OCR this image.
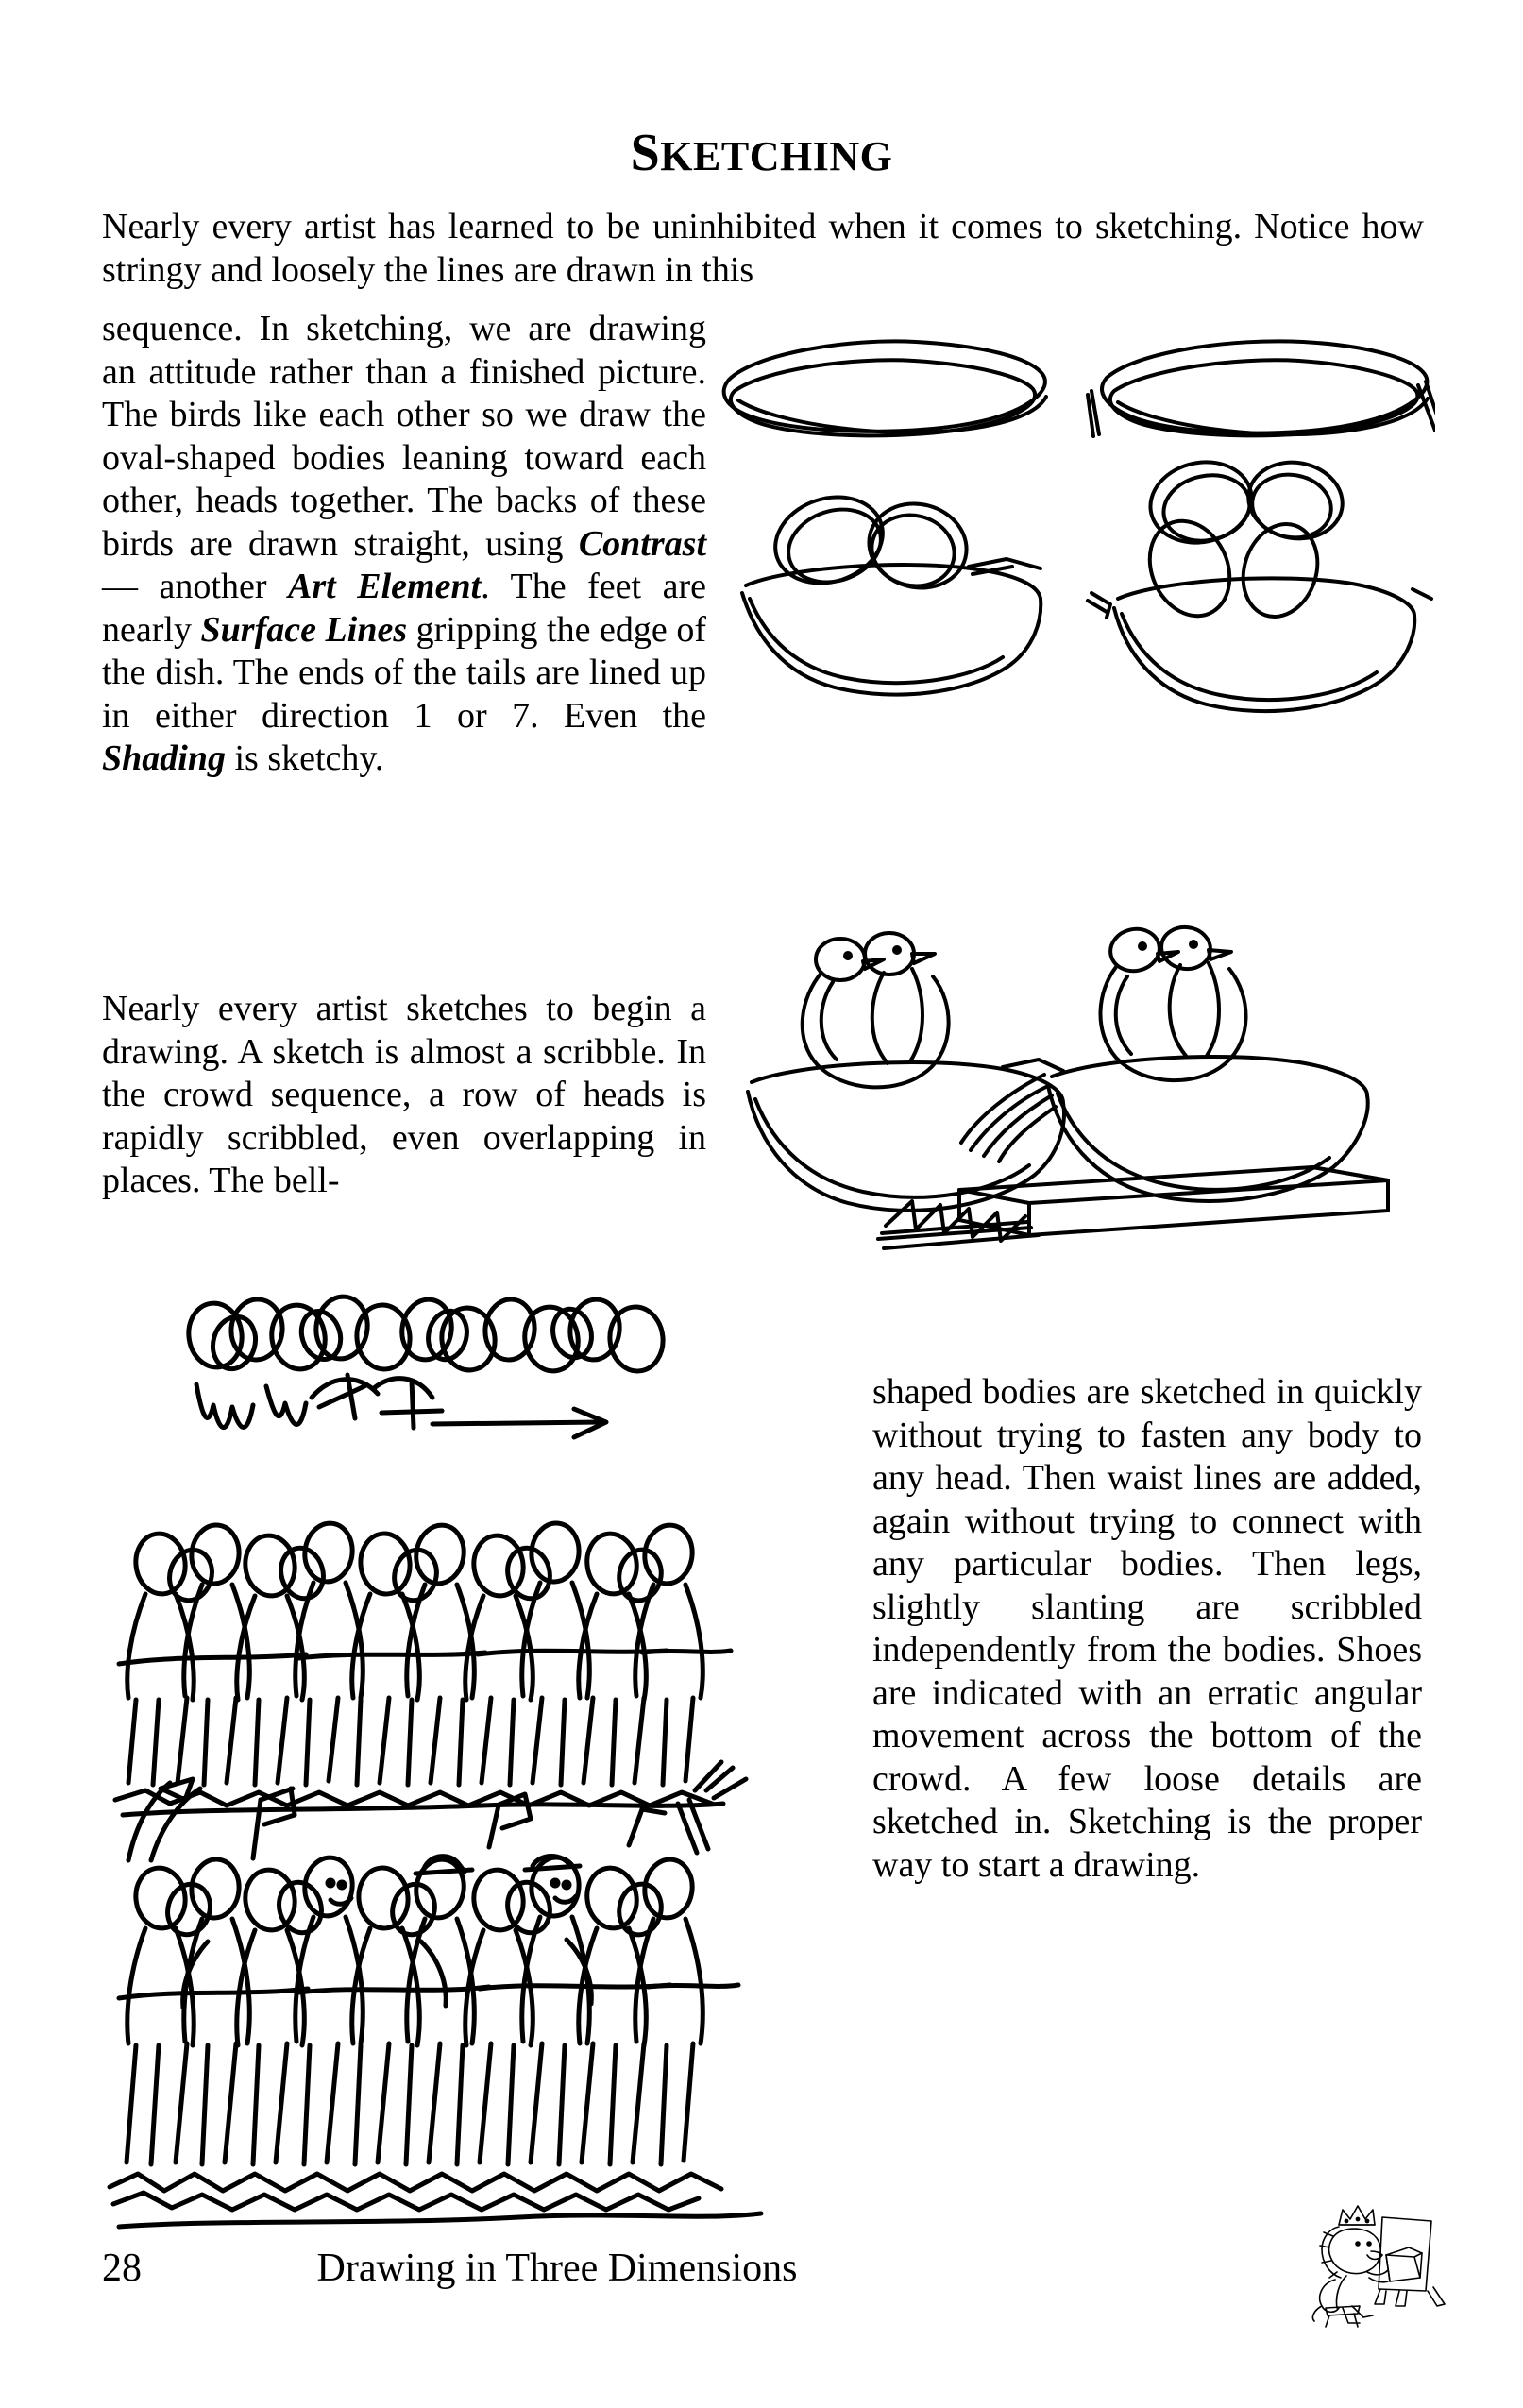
SKETCHING

Nearly every artist has learned to be uninhibited when it comes to sketching. Notice how stringy and loosely the lines are drawn in this

sequence. In sketching, we are drawing an attitude rather than a finished picture. The birds like each other so we draw the oval-shaped bodies leaning toward each other, heads together. The backs of these birds are drawn straight, using Contrast — another Art Element. The feet are nearly Surface Lines gripping the edge of the dish. The ends of the tails are lined up in either direction 1 or 7. Even the Shading is sketchy.

Nearly every artist sketches to begin a drawing. A sketch is almost a scribble. In the crowd sequence, a row of heads is rapidly scribbled, even overlapping in places. The bell-

shaped bodies are sketched in quickly without trying to fasten any body to any head. Then waist lines are added, again without trying to connect with any particular bodies. Then legs, slightly slanting are scribbled independently from the bodies. Shoes are indicated with an erratic angular movement across the bottom of the crowd. A few loose details are sketched in. Sketching is the proper way to start a drawing.

28	Drawing in Three Dimensions
